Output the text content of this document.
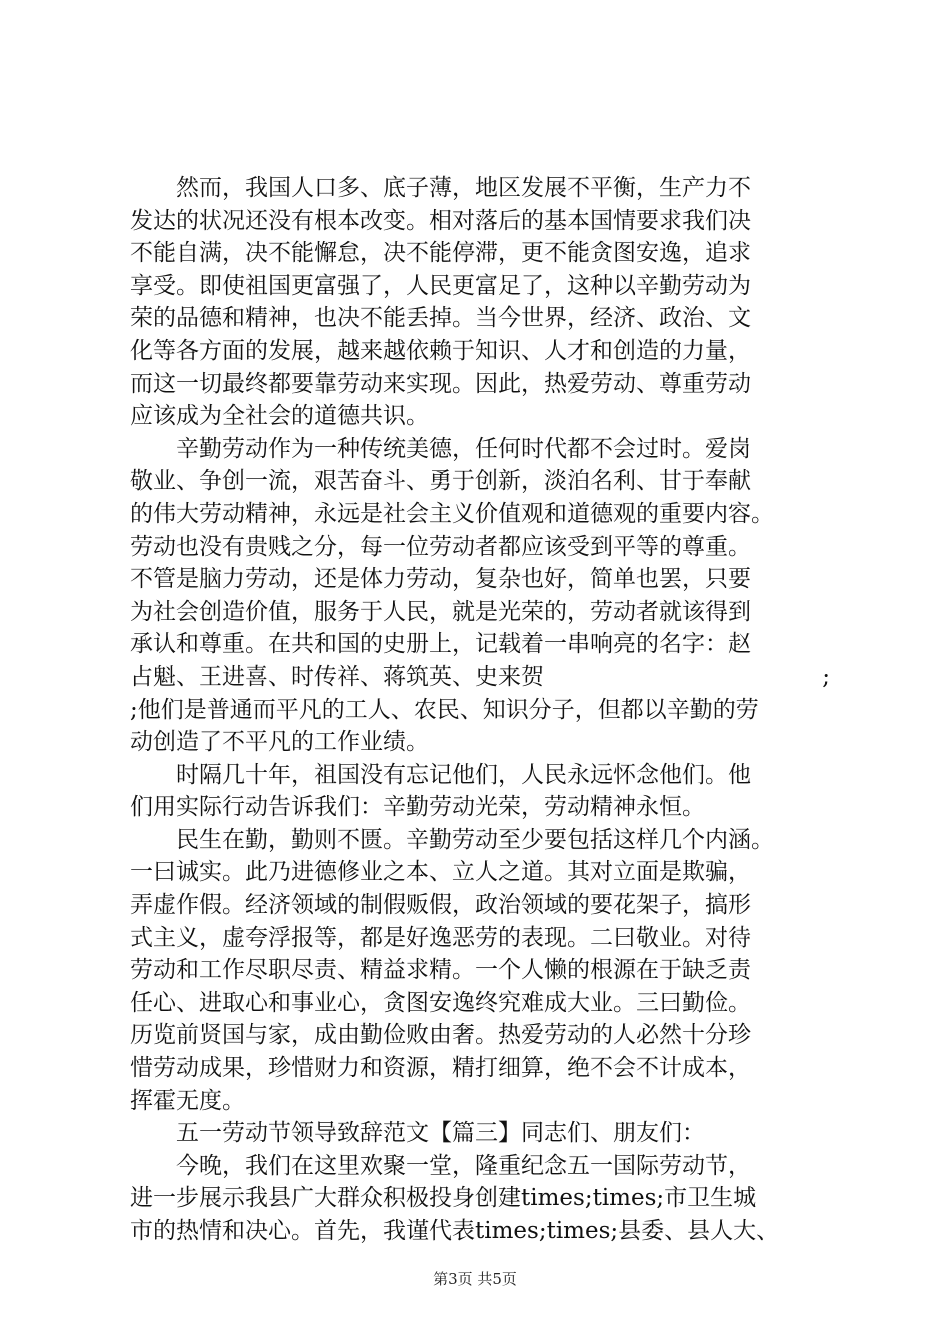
　　然而，我国人口多、底子薄，地区发展不平衡，生产力不
发达的状况还没有根本改变。相对落后的基本国情要求我们决
不能自满，决不能懈怠，决不能停滞，更不能贪图安逸，追求
享受。即使祖国更富强了，人民更富足了，这种以辛勤劳动为
荣的品德和精神，也决不能丢掉。当今世界，经济、政治、文
化等各方面的发展，越来越依赖于知识、人才和创造的力量，
而这一切最终都要靠劳动来实现。因此，热爱劳动、尊重劳动
应该成为全社会的道德共识。
　　辛勤劳动作为一种传统美德，任何时代都不会过时。爱岗
敬业、争创一流，艰苦奋斗、勇于创新，淡泊名利、甘于奉献
的伟大劳动精神，永远是社会主义价值观和道德观的重要内容。
劳动也没有贵贱之分，每一位劳动者都应该受到平等的尊重。
不管是脑力劳动，还是体力劳动，复杂也好，简单也罢，只要
为社会创造价值，服务于人民，就是光荣的，劳动者就该得到
承认和尊重。在共和国的史册上，记载着一串响亮的名字：赵
占魁、王进喜、时传祥、蒋筑英、史来贺	;
;他们是普通而平凡的工人、农民、知识分子，但都以辛勤的劳
动创造了不平凡的工作业绩。
　　时隔几十年，祖国没有忘记他们，人民永远怀念他们。他
们用实际行动告诉我们：辛勤劳动光荣，劳动精神永恒。
　　民生在勤，勤则不匮。辛勤劳动至少要包括这样几个内涵。
一曰诚实。此乃进德修业之本、立人之道。其对立面是欺骗，
弄虚作假。经济领域的制假贩假，政治领域的要花架子，搞形
式主义，虚夸浮报等，都是好逸恶劳的表现。二曰敬业。对待
劳动和工作尽职尽责、精益求精。一个人懒的根源在于缺乏责
任心、进取心和事业心，贪图安逸终究难成大业。三曰勤俭。
历览前贤国与家，成由勤俭败由奢。热爱劳动的人必然十分珍
惜劳动成果，珍惜财力和资源，精打细算，绝不会不计成本，
挥霍无度。
　　五一劳动节领导致辞范文【篇三】同志们、朋友们：
　　今晚，我们在这里欢聚一堂，隆重纪念五一国际劳动节，
进一步展示我县广大群众积极投身创建times;times;市卫生城
市的热情和决心。首先，我谨代表times;times;县委、县人大、
第3页 共5页
